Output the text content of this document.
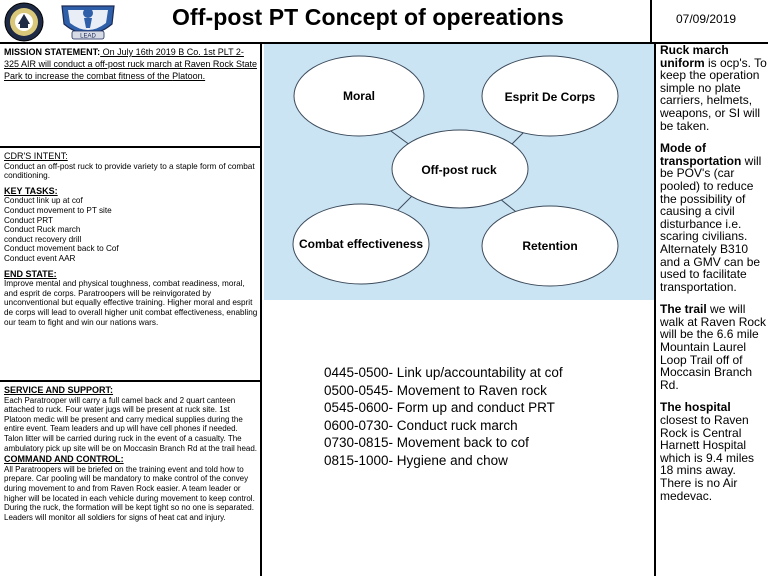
LEAD
Off-post PT Concept of opereations	07/09/2019
MISSION STATEMENT: On July 16th 2019 B Co. 1st PLT 2-325 AIR will conduct a off-post ruck march at Raven Rock State Park to increase the combat fitness of the Platoon.
CDR'S INTENT:
Conduct an off-post ruck to provide variety to a staple form of combat conditioning.
KEY TASKS:
Conduct link up at cof
Conduct movement to PT site
Conduct PRT
Conduct Ruck march
conduct recovery drill
Conduct movement back to Cof
Conduct event AAR
END STATE:
Improve mental and physical toughness, combat readiness, moral, and esprit de corps. Paratroopers will be reinvigorated by unconventional but equally effective training. Higher moral and esprit de corps will lead to overall higher unit combat effectiveness, enabling our team to fight and win our nations wars.
SERVICE AND SUPPORT:
Each Paratrooper will carry a full camel back and 2 quart canteen attached to ruck. Four water jugs will be present at ruck site. 1st Platoon medic will be present and carry medical supplies during the entire event. Team leaders and up will have cell phones if needed. Talon litter will be carried during ruck in the event of a casualty. The ambulatory pick up site will be on Moccasin Branch Rd at the trail head.
COMMAND AND CONTROL:
All Paratroopers will be briefed on the training event and told how to prepare. Car pooling will be mandatory to make control of the convey during movement to and from Raven Rock easier. A team leader or higher will be located in each vehicle during movement to keep control. During the ruck, the formation will be kept tight so no one is separated. Leaders will monitor all soldiers for signs of heat cat and injury.
Moral	Esprit De Corps
Off-post ruck
Combat effectiveness	Retention
0445-0500- Link up/accountability at cof
0500-0545- Movement to Raven rock
0545-0600- Form up and conduct PRT
0600-0730- Conduct ruck march
0730-0815- Movement back to cof
0815-1000- Hygiene and chow
Ruck march uniform is ocp's. To keep the operation simple no plate carriers, helmets, weapons, or SI will be taken.
Mode of transportation will be POV's (car pooled) to reduce the possibility of causing a civil disturbance i.e. scaring civilians. Alternately B310 and a GMV can be used to facilitate transportation.
The trail we will walk at Raven Rock will be the 6.6 mile Mountain Laurel Loop Trail off of Moccasin Branch Rd.
The hospital closest to Raven Rock is Central Harnett Hospital which is 9.4 miles 18 mins away. There is no Air medevac.
